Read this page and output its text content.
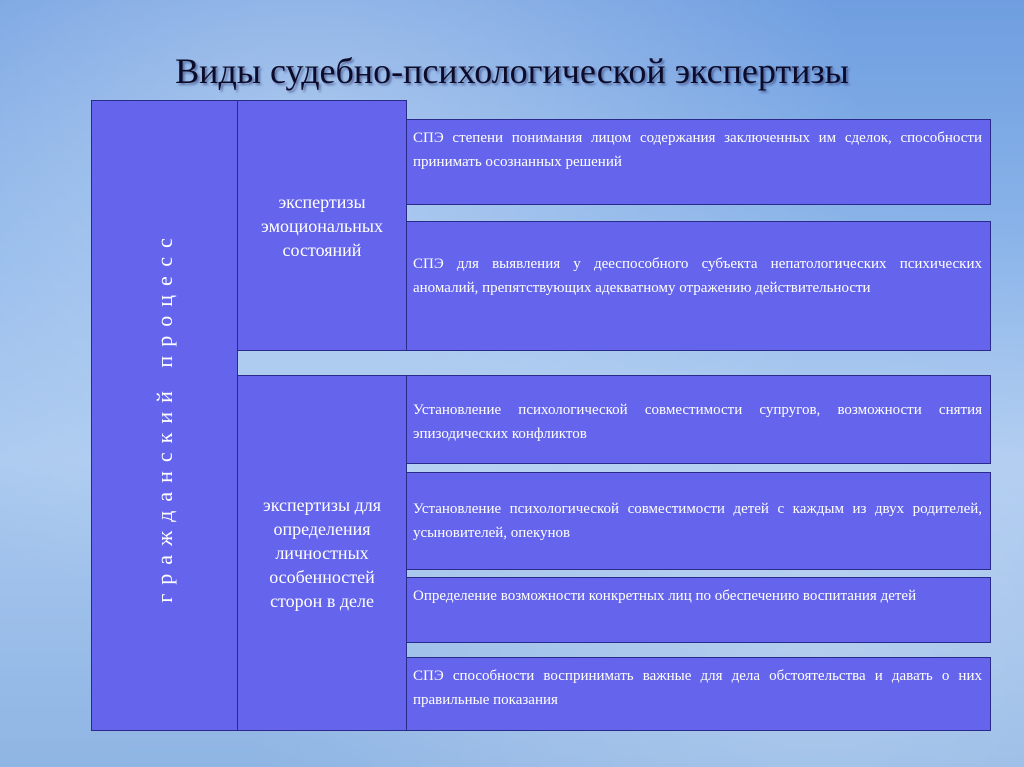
Виды судебно-психологической экспертизы
гражданский процесс
экспертизы эмоциональных состояний
экспертизы для определения личностных особенностей сторон в деле
СПЭ степени понимания лицом содержания заключенных им сделок, способности принимать осознанных решений
СПЭ для выявления у дееспособного субъекта непатологических психических аномалий, препятствующих адекватному отражению действительности
Установление психологической совместимости супругов, возможности снятия эпизодических конфликтов
Установление психологической совместимости детей с каждым из двух родителей, усыновителей, опекунов
Определение возможности конкретных лиц по обеспечению воспитания детей
СПЭ способности воспринимать важные для дела обстоятельства и давать о них правильные показания
